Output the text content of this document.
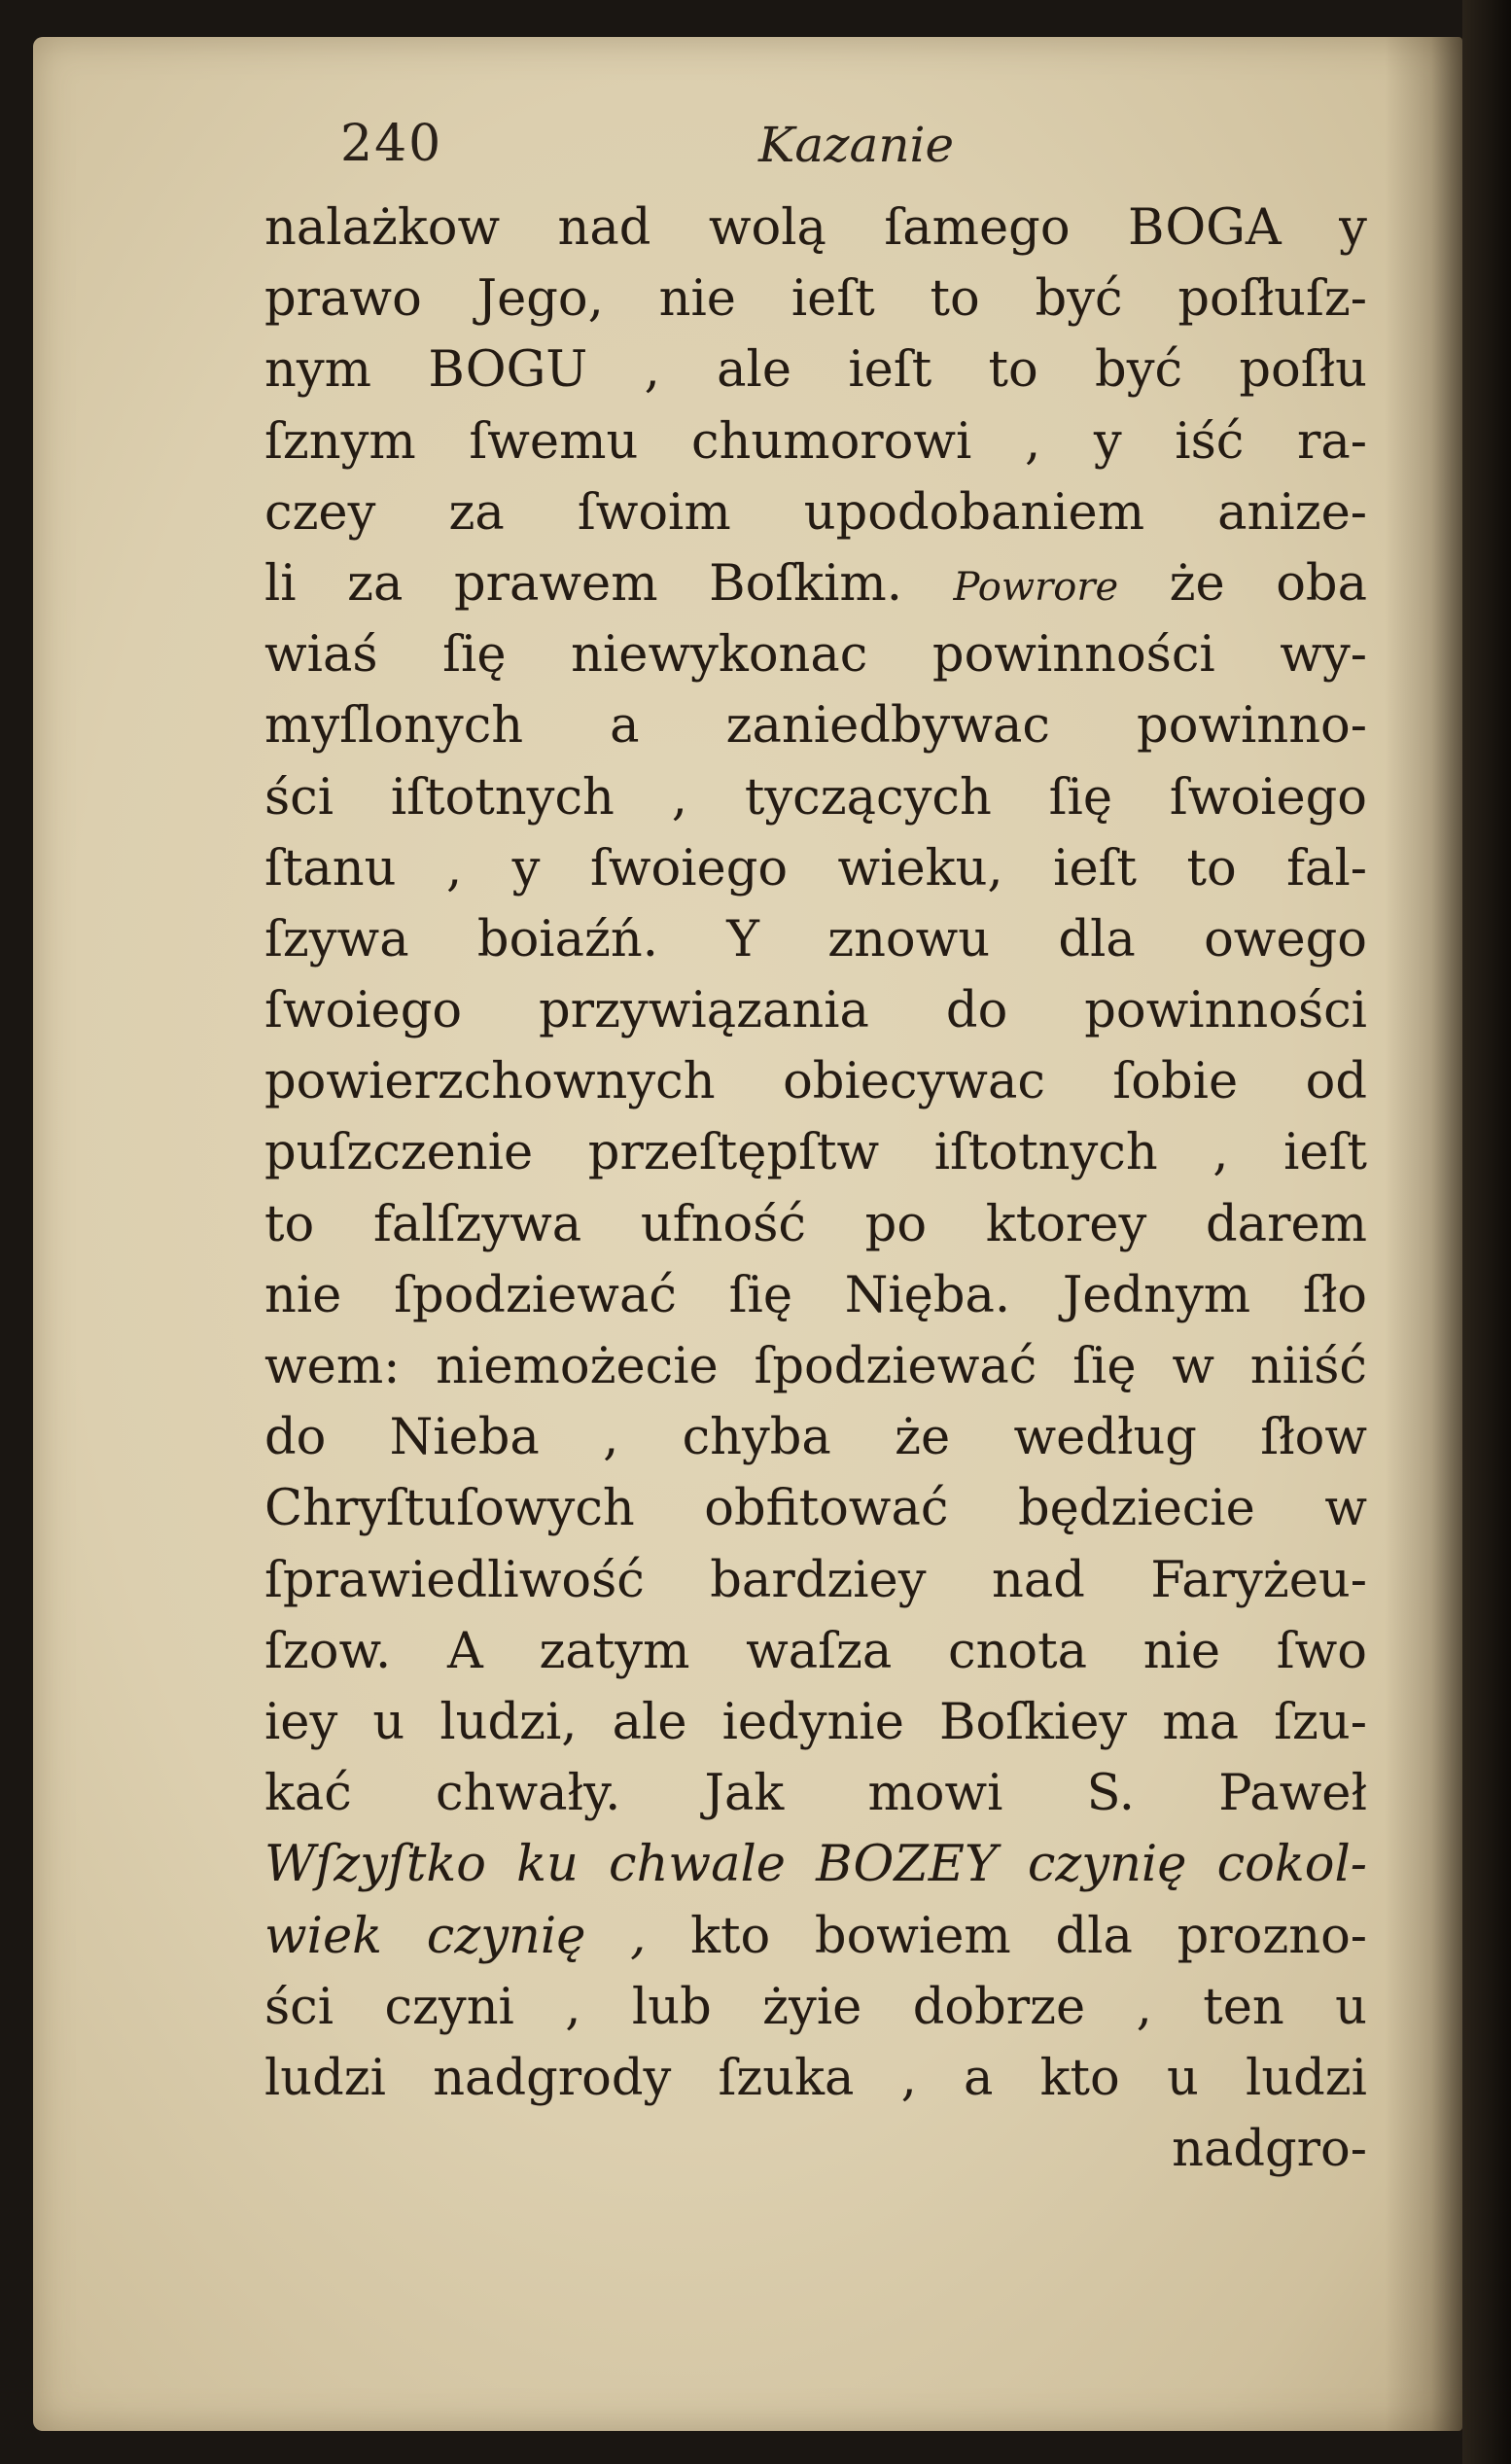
240	Kazanie
nalażkow nad wolą ſamego BOGA y
prawo Jego, nie ieſt to być poſłuſz-
nym BOGU , ale ieſt to być poſłu
ſznym ſwemu chumorowi , y iść ra-
czey za ſwoim upodobaniem anize-
li za prawem Boſkim. Powrore że oba
wiaś ſię niewykonac powinności wy-
myſlonych a zaniedbywac powinno-
ści iſtotnych , tyczących ſię ſwoiego
ſtanu , y ſwoiego wieku, ieſt to fal-
ſzywa boiaźń. Y znowu dla owego
ſwoiego przywiązania do powinności
powierzchownych obiecywac ſobie od
puſzczenie przeſtępſtw iſtotnych , ieſt
to falſzywa ufność po ktorey darem
nie ſpodziewać ſię Nięba. Jednym ſło
wem: niemożecie ſpodziewać ſię w niiść
do Nieba , chyba że według ſłow
Chryſtuſowych obfitować będziecie w
ſprawiedliwość bardziey nad Faryżeu-
ſzow. A zatym waſza cnota nie ſwo
iey u ludzi, ale iedynie Boſkiey ma ſzu-
kać chwały. Jak mowi S. Paweł
Wſzyſtko ku chwale BOZEY czynię cokol-
wiek czynię , kto bowiem dla prozno-
ści czyni , lub żyie dobrze , ten u
ludzi nadgrody ſzuka , a kto u ludzi
nadgro-
